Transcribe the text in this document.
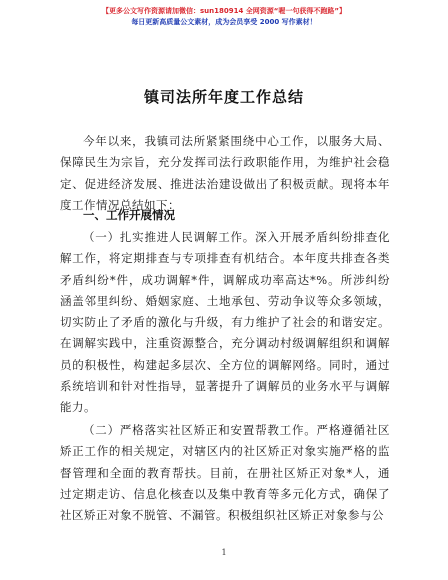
【更多公文写作资源请加微信：sun180914 全网资源“喔一句获得不跑路”】
每日更新高质量公文素材，成为会员享受 2000 写作素材！
镇司法所年度工作总结

今年以来，我镇司法所紧紧围绕中心工作，以服务大局、保障民生为宗旨，充分发挥司法行政职能作用，为维护社会稳定、促进经济发展、推进法治建设做出了积极贡献。现将本年度工作情况总结如下：

一、工作开展情况

（一）扎实推进人民调解工作。深入开展矛盾纠纷排查化解工作，将定期排查与专项排查有机结合。本年度共排查各类矛盾纠纷*件，成功调解*件，调解成功率高达*%。所涉纠纷涵盖邻里纠纷、婚姻家庭、土地承包、劳动争议等众多领域，切实防止了矛盾的激化与升级，有力维护了社会的和谐安定。在调解实践中，注重资源整合，充分调动村级调解组织和调解员的积极性，构建起多层次、全方位的调解网络。同时，通过系统培训和针对性指导，显著提升了调解员的业务水平与调解能力。

（二）严格落实社区矫正和安置帮教工作。严格遵循社区矫正工作的相关规定，对辖区内的社区矫正对象实施严格的监督管理和全面的教育帮扶。目前，在册社区矫正对象*人，通过定期走访、信息化核查以及集中教育等多元化方式，确保了社区矫正对象不脱管、不漏管。积极组织社区矫正对象参与公

1
